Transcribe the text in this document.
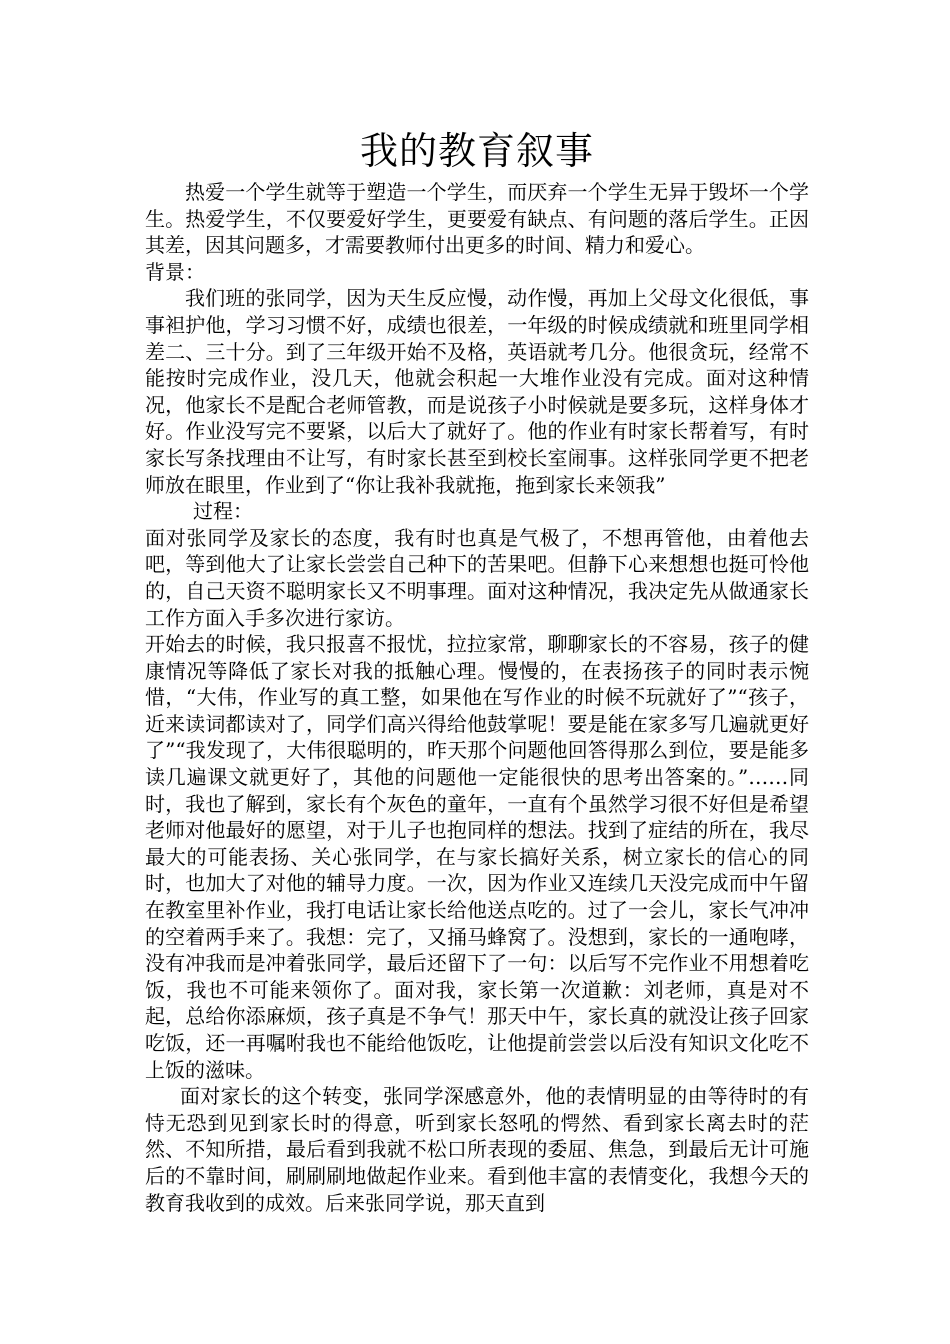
我的教育叙事

热爱一个学生就等于塑造一个学生，而厌弃一个学生无异于毁坏一个学生。热爱学生，不仅要爱好学生，更要爱有缺点、有问题的落后学生。正因其差，因其问题多，才需要教师付出更多的时间、精力和爱心。

背景：

我们班的张同学，因为天生反应慢，动作慢，再加上父母文化很低，事事袒护他，学习习惯不好，成绩也很差，一年级的时候成绩就和班里同学相差二、三十分。到了三年级开始不及格，英语就考几分。他很贪玩，经常不能按时完成作业，没几天，他就会积起一大堆作业没有完成。面对这种情况，他家长不是配合老师管教，而是说孩子小时候就是要多玩，这样身体才好。作业没写完不要紧，以后大了就好了。他的作业有时家长帮着写，有时家长写条找理由不让写，有时家长甚至到校长室闹事。这样张同学更不把老师放在眼里，作业到了“你让我补我就拖，拖到家长来领我”

过程：

面对张同学及家长的态度，我有时也真是气极了，不想再管他，由着他去吧，等到他大了让家长尝尝自己种下的苦果吧。但静下心来想想也挺可怜他的，自己天资不聪明家长又不明事理。面对这种情况，我决定先从做通家长工作方面入手多次进行家访。

开始去的时候，我只报喜不报忧，拉拉家常，聊聊家长的不容易，孩子的健康情况等降低了家长对我的抵触心理。慢慢的，在表扬孩子的同时表示惋惜，“大伟，作业写的真工整，如果他在写作业的时候不玩就好了”“孩子，近来读词都读对了，同学们高兴得给他鼓掌呢！要是能在家多写几遍就更好了”“我发现了，大伟很聪明的，昨天那个问题他回答得那么到位，要是能多读几遍课文就更好了，其他的问题他一定能很快的思考出答案的。”……同时，我也了解到，家长有个灰色的童年，一直有个虽然学习很不好但是希望老师对他最好的愿望，对于儿子也抱同样的想法。找到了症结的所在，我尽最大的可能表扬、关心张同学，在与家长搞好关系，树立家长的信心的同时，也加大了对他的辅导力度。一次，因为作业又连续几天没完成而中午留在教室里补作业，我打电话让家长给他送点吃的。过了一会儿，家长气冲冲的空着两手来了。我想：完了，又捅马蜂窝了。没想到，家长的一通咆哮，没有冲我而是冲着张同学，最后还留下了一句：以后写不完作业不用想着吃饭，我也不可能来领你了。面对我，家长第一次道歉：刘老师，真是对不起，总给你添麻烦，孩子真是不争气！那天中午，家长真的就没让孩子回家吃饭，还一再嘱咐我也不能给他饭吃，让他提前尝尝以后没有知识文化吃不上饭的滋味。

面对家长的这个转变，张同学深感意外，他的表情明显的由等待时的有恃无恐到见到家长时的得意，听到家长怒吼的愕然、看到家长离去时的茫然、不知所措，最后看到我就不松口所表现的委屈、焦急，到最后无计可施后的不靠时间，刷刷刷地做起作业来。看到他丰富的表情变化，我想今天的教育我收到的成效。后来张同学说，那天直到
